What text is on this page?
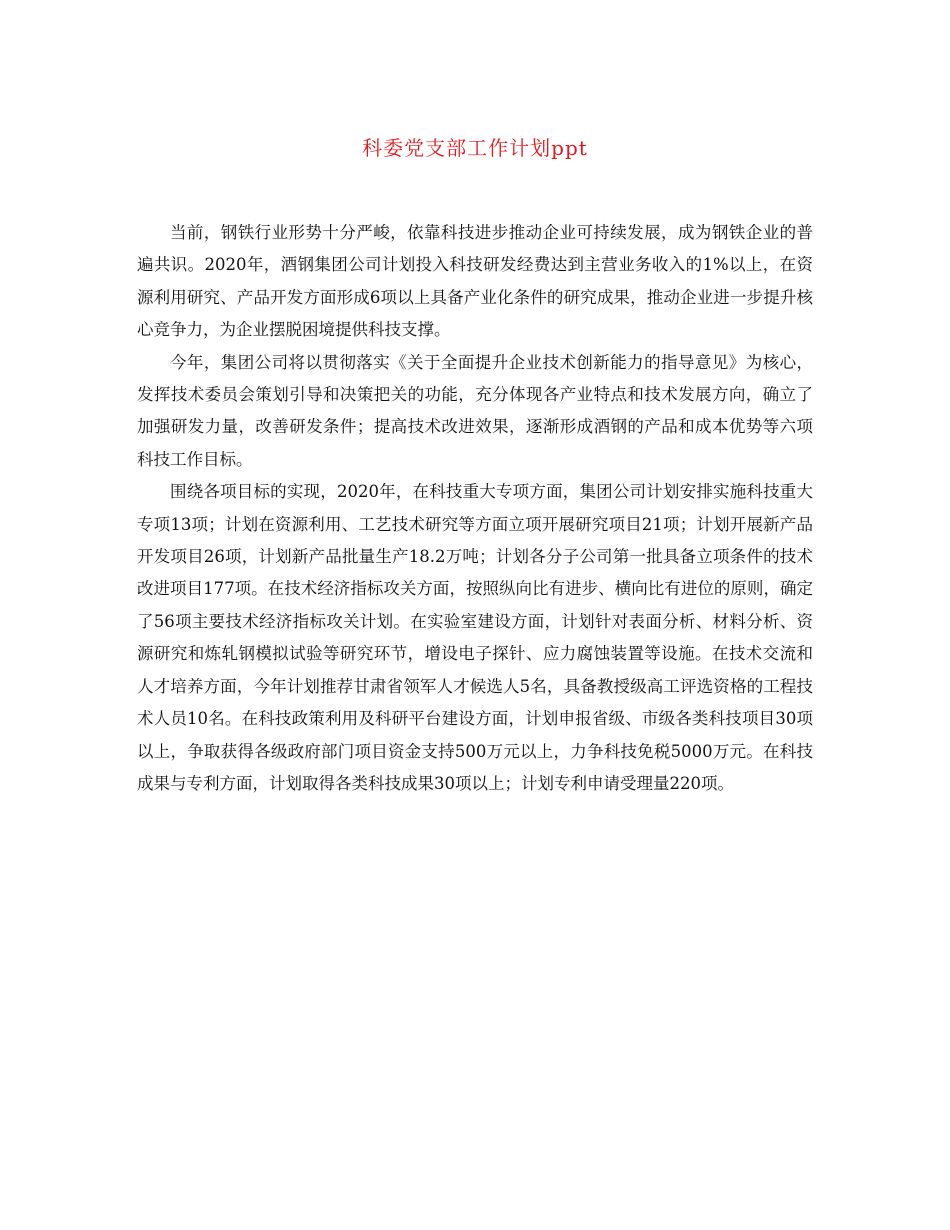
科委党支部工作计划ppt

当前，钢铁行业形势十分严峻，依靠科技进步推动企业可持续发展，成为钢铁企业的普遍共识。2020年，酒钢集团公司计划投入科技研发经费达到主营业务收入的1%以上，在资源利用研究、产品开发方面形成6项以上具备产业化条件的研究成果，推动企业进一步提升核心竞争力，为企业摆脱困境提供科技支撑。

今年，集团公司将以贯彻落实《关于全面提升企业技术创新能力的指导意见》为核心，发挥技术委员会策划引导和决策把关的功能，充分体现各产业特点和技术发展方向，确立了加强研发力量，改善研发条件；提高技术改进效果，逐渐形成酒钢的产品和成本优势等六项科技工作目标。

围绕各项目标的实现，2020年，在科技重大专项方面，集团公司计划安排实施科技重大专项13项；计划在资源利用、工艺技术研究等方面立项开展研究项目21项；计划开展新产品开发项目26项，计划新产品批量生产18.2万吨；计划各分子公司第一批具备立项条件的技术改进项目177项。在技术经济指标攻关方面，按照纵向比有进步、横向比有进位的原则，确定了56项主要技术经济指标攻关计划。在实验室建设方面，计划针对表面分析、材料分析、资源研究和炼轧钢模拟试验等研究环节，增设电子探针、应力腐蚀装置等设施。在技术交流和人才培养方面，今年计划推荐甘肃省领军人才候选人5名，具备教授级高工评选资格的工程技术人员10名。在科技政策利用及科研平台建设方面，计划申报省级、市级各类科技项目30项以上，争取获得各级政府部门项目资金支持500万元以上，力争科技免税5000万元。在科技成果与专利方面，计划取得各类科技成果30项以上；计划专利申请受理量220项。
